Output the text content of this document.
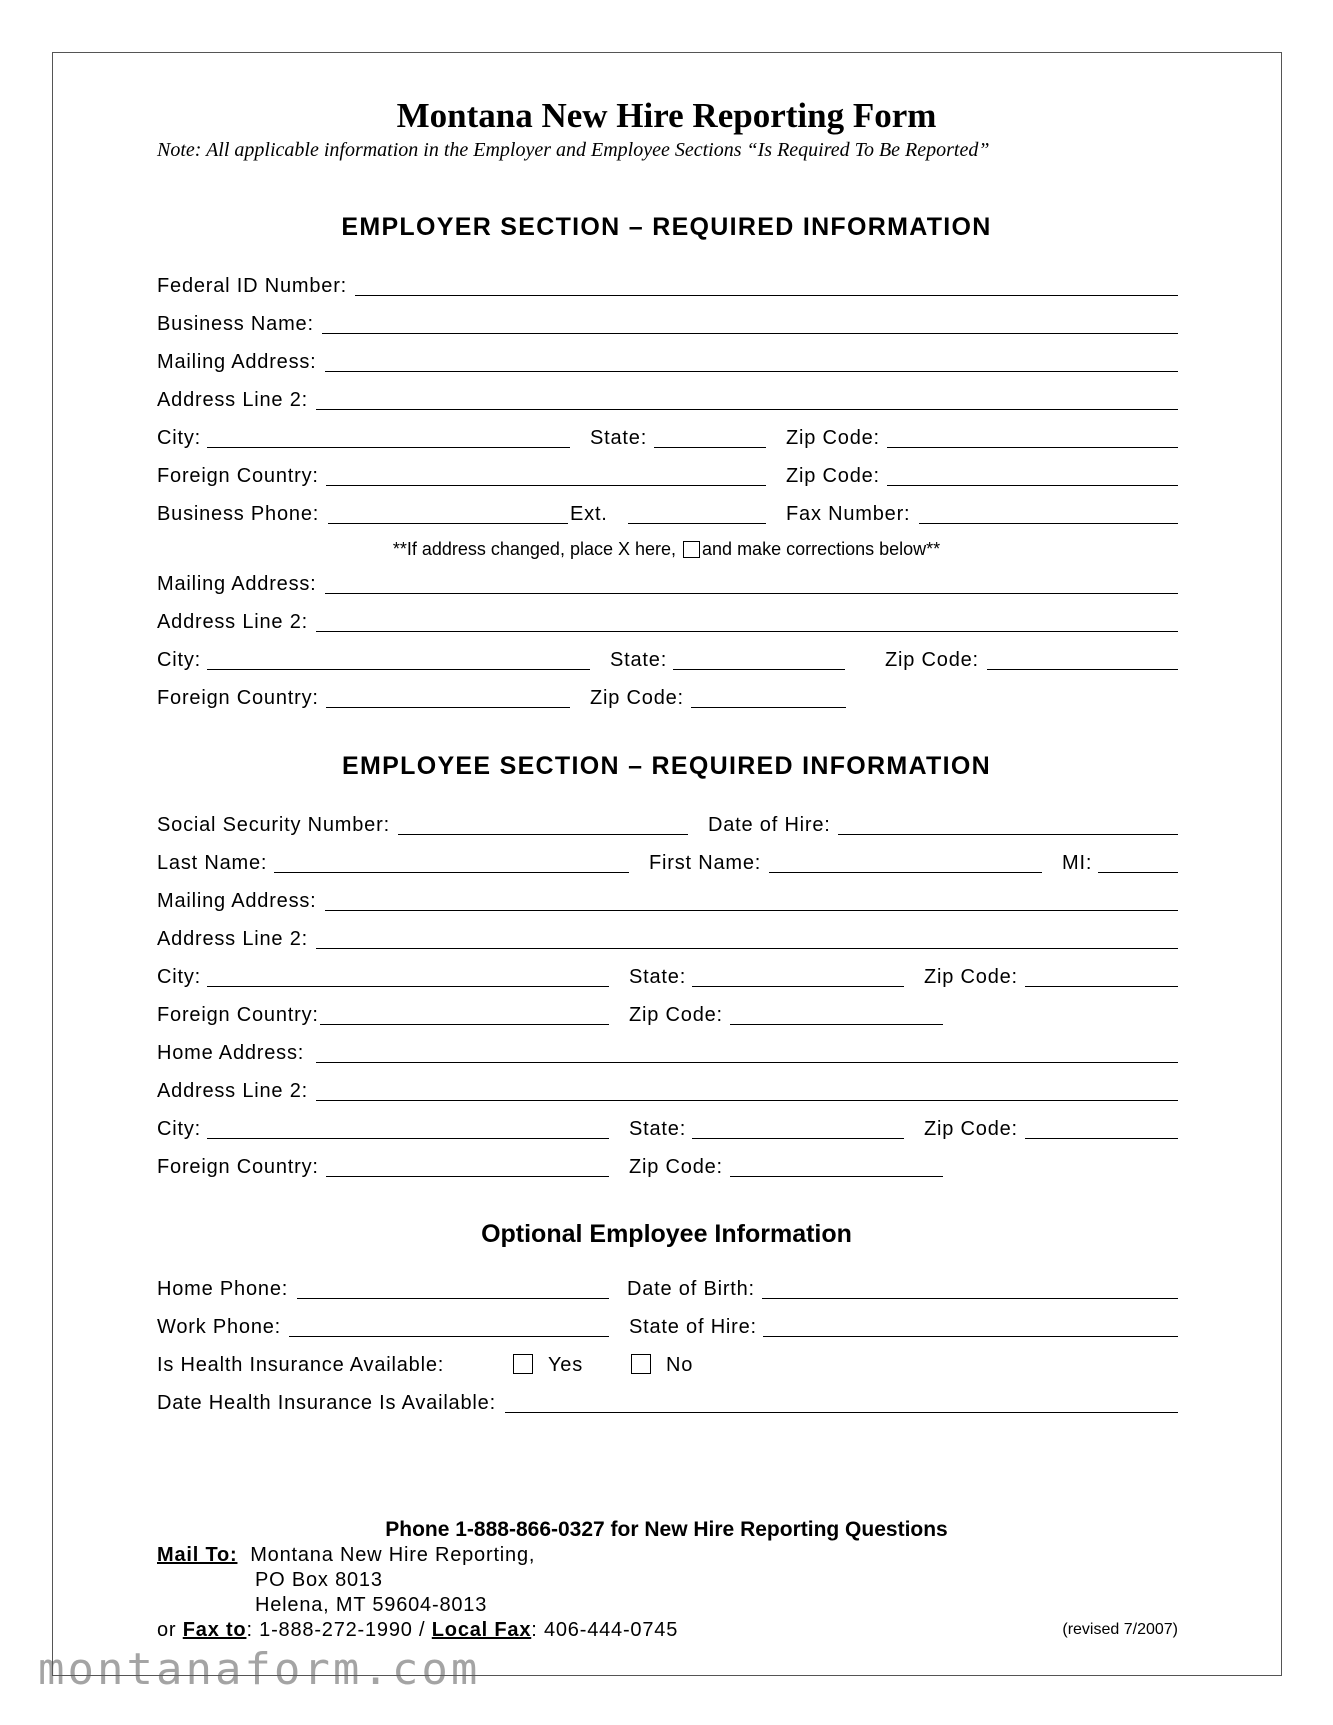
Montana New Hire Reporting Form
Note: All applicable information in the Employer and Employee Sections “Is Required To Be Reported”
EMPLOYER SECTION – REQUIRED INFORMATION
Federal ID Number:
Business Name:
Mailing Address:
Address Line 2:
City:	State:	Zip Code:
Foreign Country:	Zip Code:
Business Phone:	Ext.	Fax Number:
**If address changed, place X here, and make corrections below**
Mailing Address:
Address Line 2:
City:	State:	Zip Code:
Foreign Country:	Zip Code:
EMPLOYEE SECTION – REQUIRED INFORMATION
Social Security Number:	Date of Hire:
Last Name:	First Name:	MI:
Mailing Address:
Address Line 2:
City:	State:	Zip Code:
Foreign Country:	Zip Code:
Home Address:
Address Line 2:
City:	State:	Zip Code:
Foreign Country:	Zip Code:
Optional Employee Information
Home Phone:	Date of Birth:
Work Phone:	State of Hire:
Is Health Insurance Available:	Yes	No
Date Health Insurance Is Available:
Phone 1-888-866-0327 for New Hire Reporting Questions
Mail To: Montana New Hire Reporting,
PO Box 8013
Helena, MT 59604-8013
or Fax to: 1-888-272-1990 / Local Fax: 406-444-0745	(revised 7/2007)
montanaform.com
